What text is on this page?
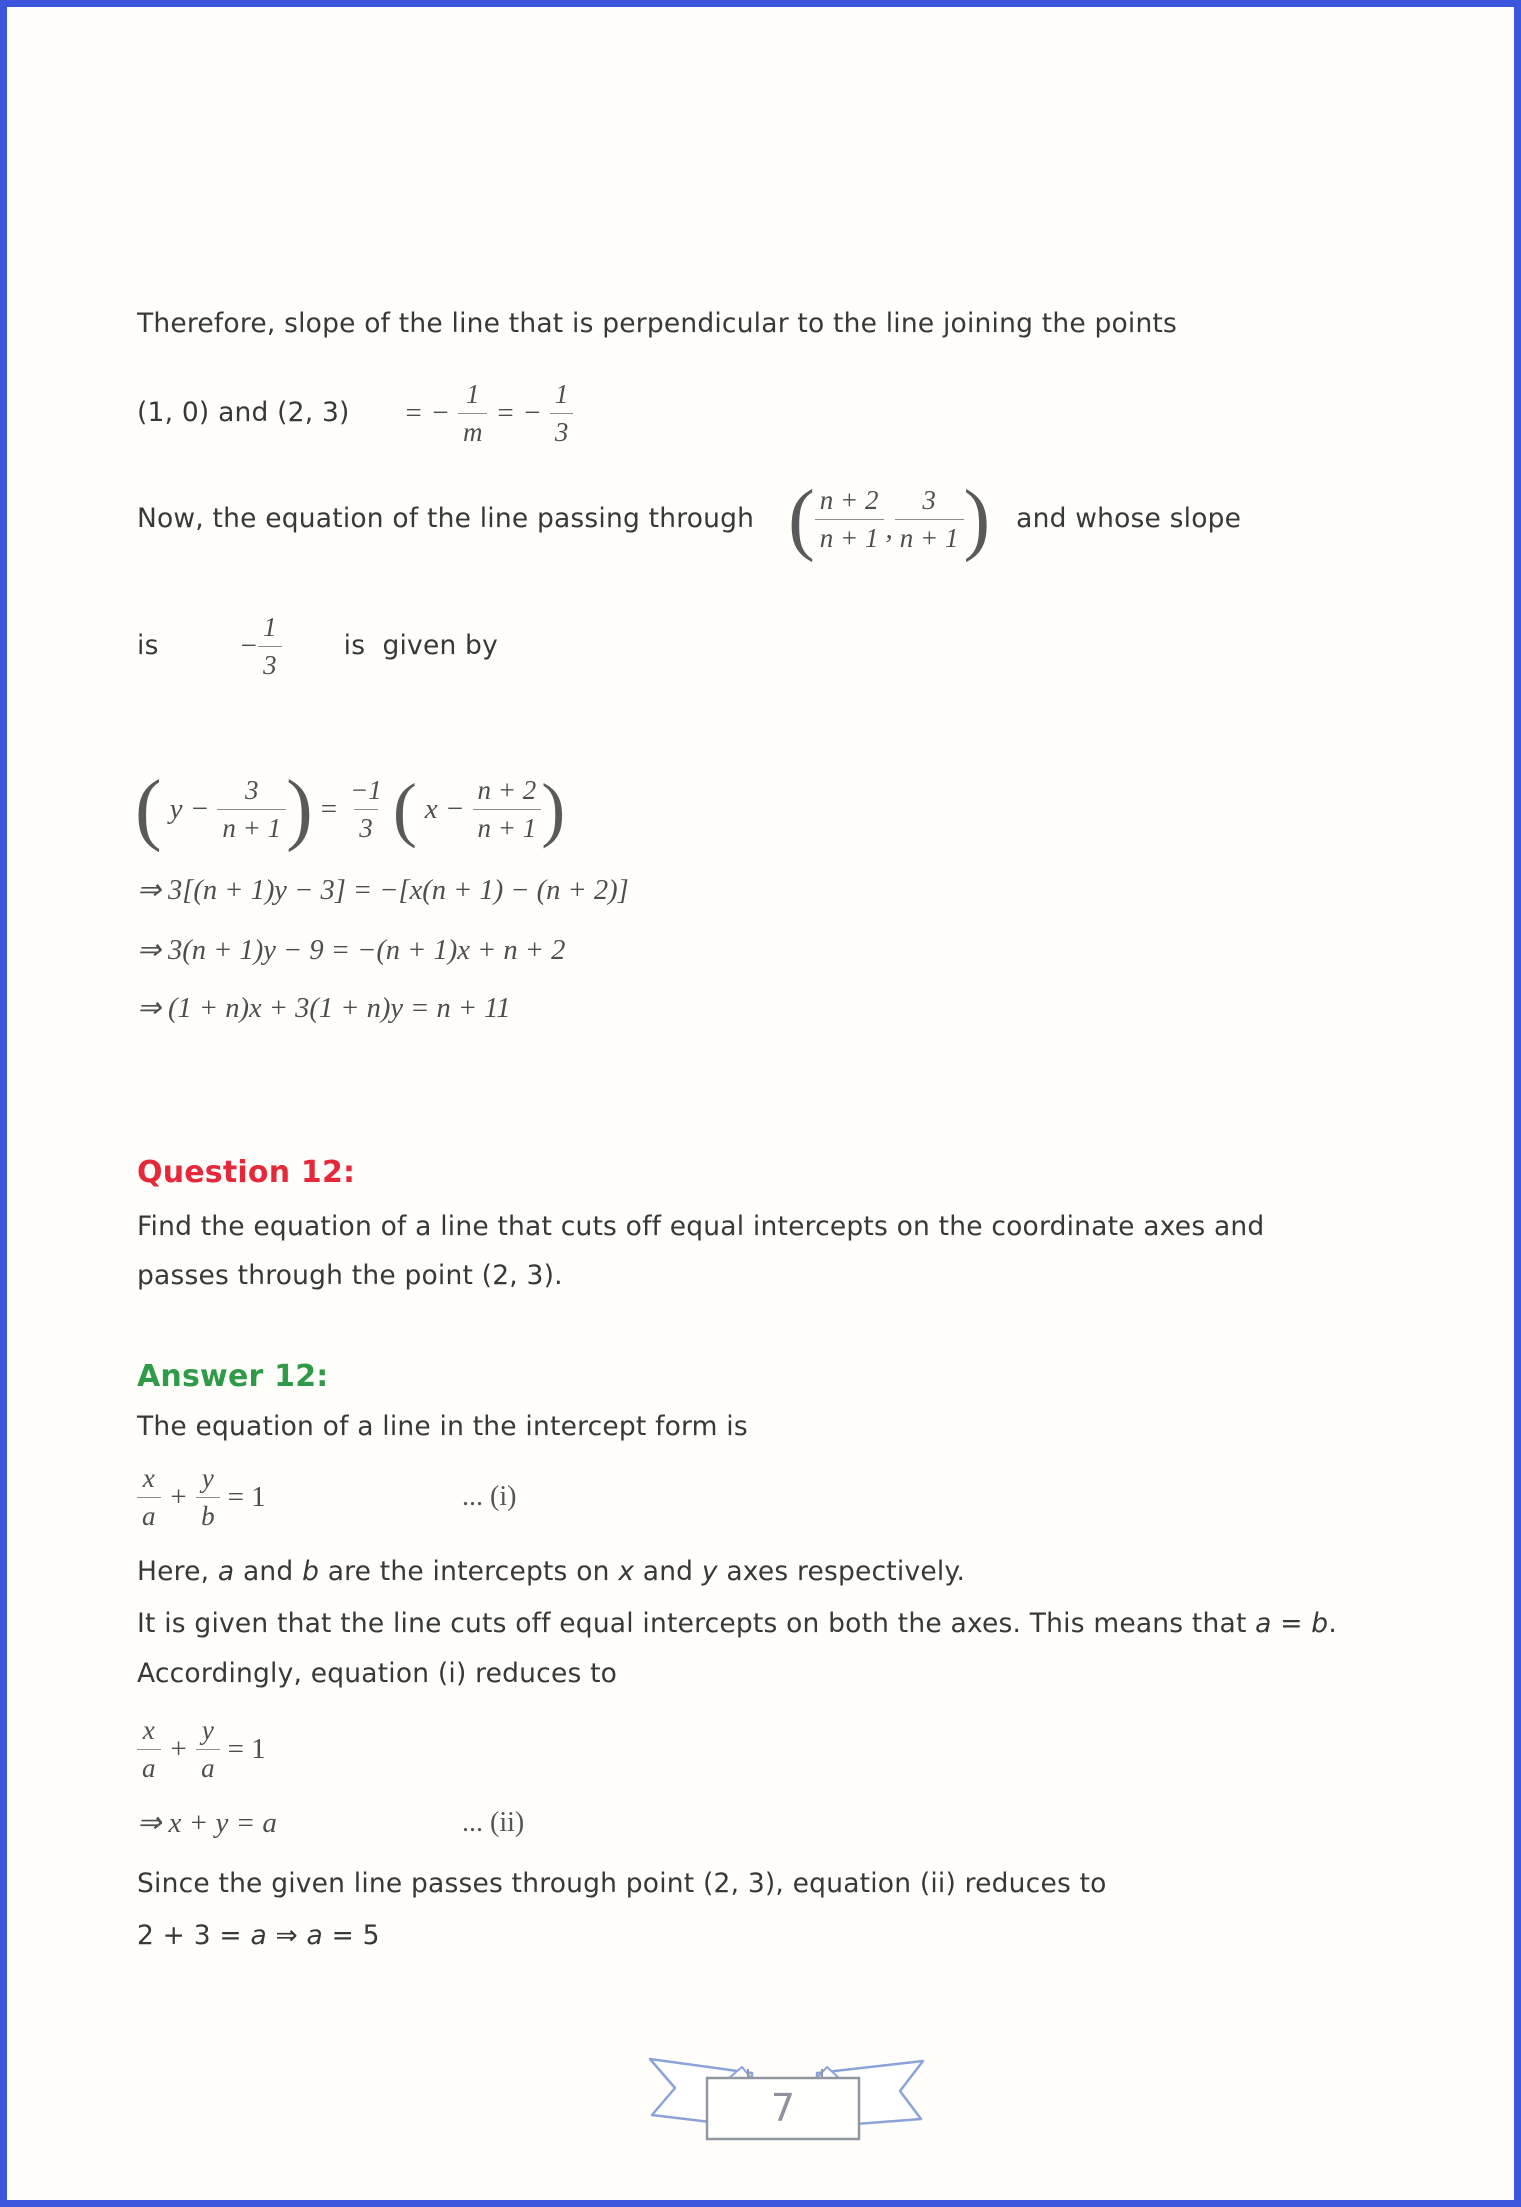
Therefore, slope of the line that is perpendicular to the line joining the points
(1, 0) and (2, 3) = − $\frac{1}{m}$ = − $\frac{1}{3}$
Now, the equation of the line passing through ( $\frac{n + 2}{n + 1}$ , $\frac{3}{n + 1}$ ) and whose slope
is	− $\frac{1}{3}$ is  given by
( $y - \frac{3}{n + 1}$ ) = $\frac{-1}{3}$ ( $x - \frac{n + 2}{n + 1}$ )
⇒ 3[(n + 1)y − 3] = −[x(n + 1) − (n + 2)]
⇒ 3(n + 1)y − 9 = −(n + 1)x + n + 2
⇒ (1 + n)x + 3(1 + n)y = n + 11
Question 12:
Find the equation of a line that cuts off equal intercepts on the coordinate axes and
passes through the point (2, 3).
Answer 12:
The equation of a line in the intercept form is
$\frac{x}{a} + \frac{y}{b} = 1$	... (i)
Here, a and b are the intercepts on x and y axes respectively.
It is given that the line cuts off equal intercepts on both the axes. This means that a = b.
Accordingly, equation (i) reduces to
$\frac{x}{a} + \frac{y}{a} = 1$
⇒ x + y = a	... (ii)
Since the given line passes through point (2, 3), equation (ii) reduces to
2 + 3 = a ⇒ a = 5
7
